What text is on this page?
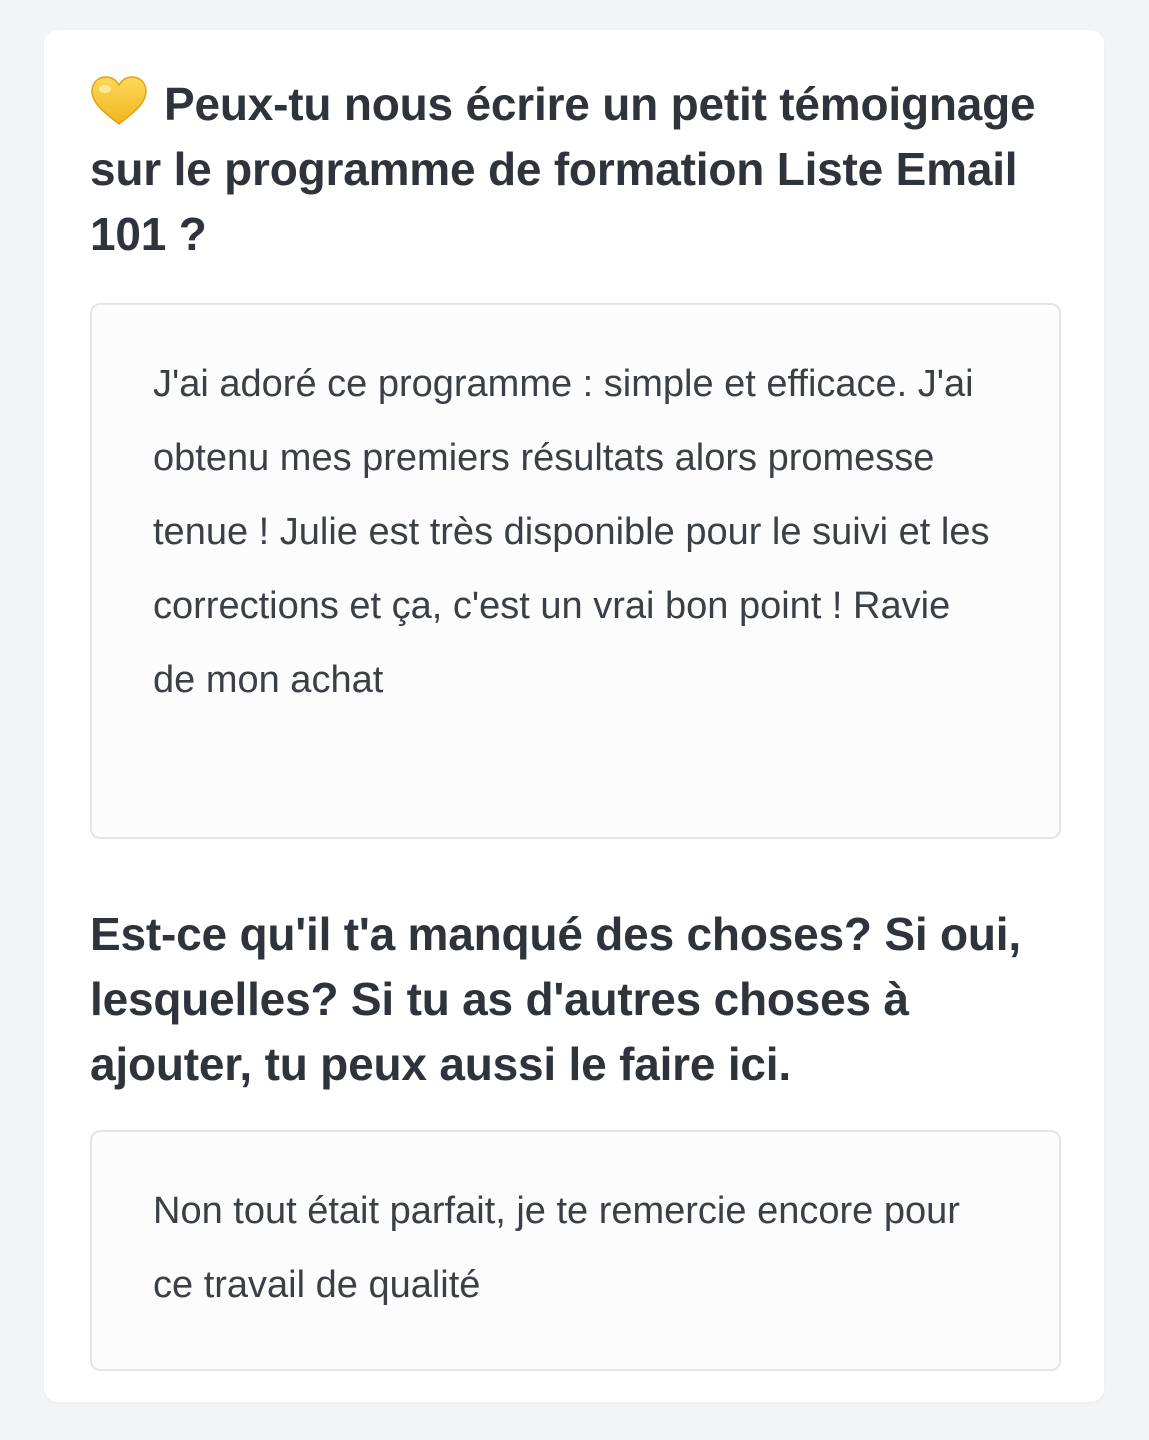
Peux-tu nous écrire un petit témoignage sur le programme de formation Liste Email 101 ?
J'ai adoré ce programme : simple et efficace. J'ai obtenu mes premiers résultats alors promesse tenue ! Julie est très disponible pour le suivi et les corrections et ça, c'est un vrai bon point ! Ravie de mon achat
Est-ce qu'il t'a manqué des choses? Si oui, lesquelles? Si tu as d'autres choses à ajouter, tu peux aussi le faire ici.
Non tout était parfait, je te remercie encore pour ce travail de qualité
